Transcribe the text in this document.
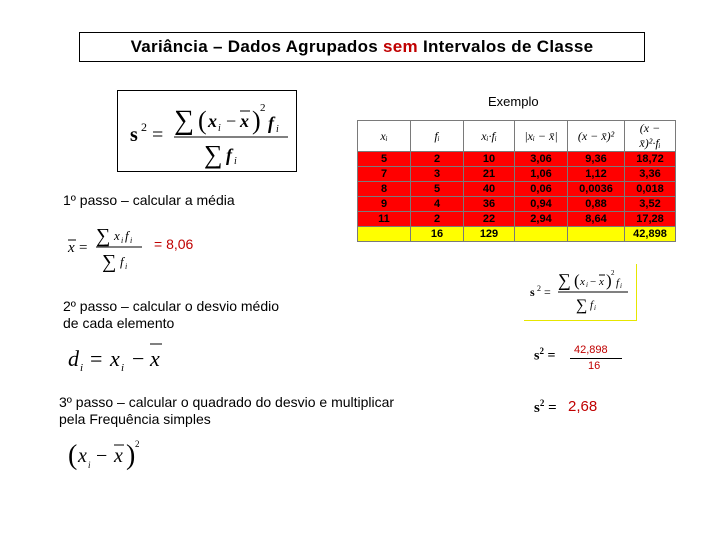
Variância – Dados Agrupados sem Intervalos de Classe
s 2 = ∑ ( x i − x ) 2
f i
∑ f i
Exemplo
xᵢ	fᵢ	xᵢ·fᵢ	|xᵢ − x̄|	(x − x̄)²	(x − x̄)²·fᵢ
5	2	10	3,06	9,36	18,72
7	3	21	1,06	1,12	3,36
8	5	40	0,06	0,0036	0,018
9	4	36	0,94	0,88	3,52
11	2	22	2,94	8,64	17,28
	16	129			42,898
1º passo – calcular a média
x =
∑ x i f i
∑ f i
= 8,06
2º passo – calcular o desvio médio
de cada elemento
d i = x i − x
3º passo – calcular o quadrado do desvio e multiplicar
pela Frequência simples
( x i − x ) 2
s 2 =
∑ ( x i − x ) 2
f i
∑ f i
$s^2 = 42,898$
16
$s^2 = 2,68$
